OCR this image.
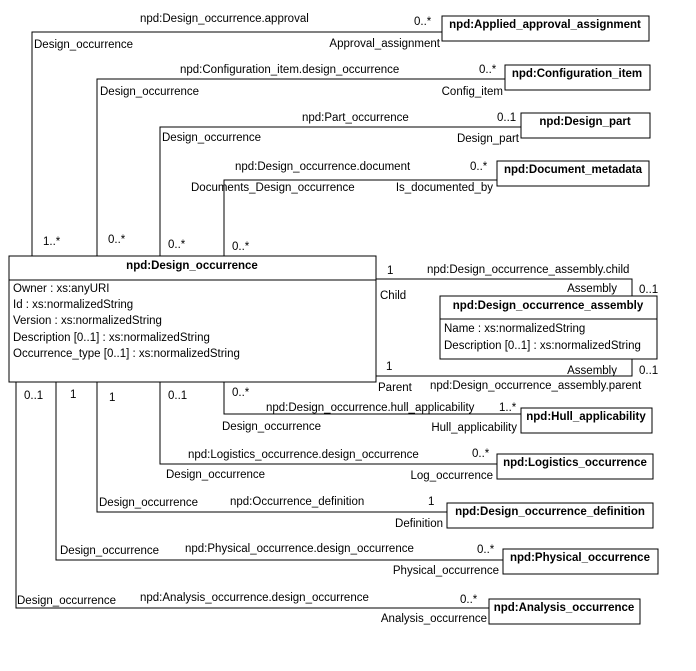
npd:Design_occurrence
Owner : xs:anyURI
Id : xs:normalizedString
Version : xs:normalizedString
Description [0..1] : xs:normalizedString
Occurrence_type [0..1] : xs:normalizedString
npd:Design_occurrence_assembly
Name : xs:normalizedString
Description [0..1] : xs:normalizedString
npd:Applied_approval_assignment
npd:Configuration_item
npd:Design_part
npd:Document_metadata
npd:Hull_applicability
npd:Logistics_occurrence
npd:Design_occurrence_definition
npd:Physical_occurrence
npd:Analysis_occurrence
npd:Design_occurrence.approval
Design_occurrence	Approval_assignment
0..*
1..*
npd:Configuration_item.design_occurrence
Design_occurrence	Config_item
0..*
0..*
npd:Part_occurrence
Design_occurrence	Design_part
0..1
0..*
npd:Design_occurrence.document
Documents_Design_occurrence	Is_documented_by
0..*
0..*
npd:Design_occurrence_assembly.child
1
Child
Assembly 0..1
1	Assembly 0..1
Parent npd:Design_occurrence_assembly.parent
0..*
npd:Design_occurrence.hull_applicability 1..*
Design_occurrence	Hull_applicability
0..1
npd:Logistics_occurrence.design_occurrence	0..*
Design_occurrence	Log_occurrence
1
Design_occurrence	npd:Occurrence_definition	1
Definition
1
npd:Physical_occurrence.design_occurrence	0..*
Design_occurrence
Physical_occurrence
0..1
npd:Analysis_occurrence.design_occurrence	0..*
Design_occurrence
Analysis_occurrence
